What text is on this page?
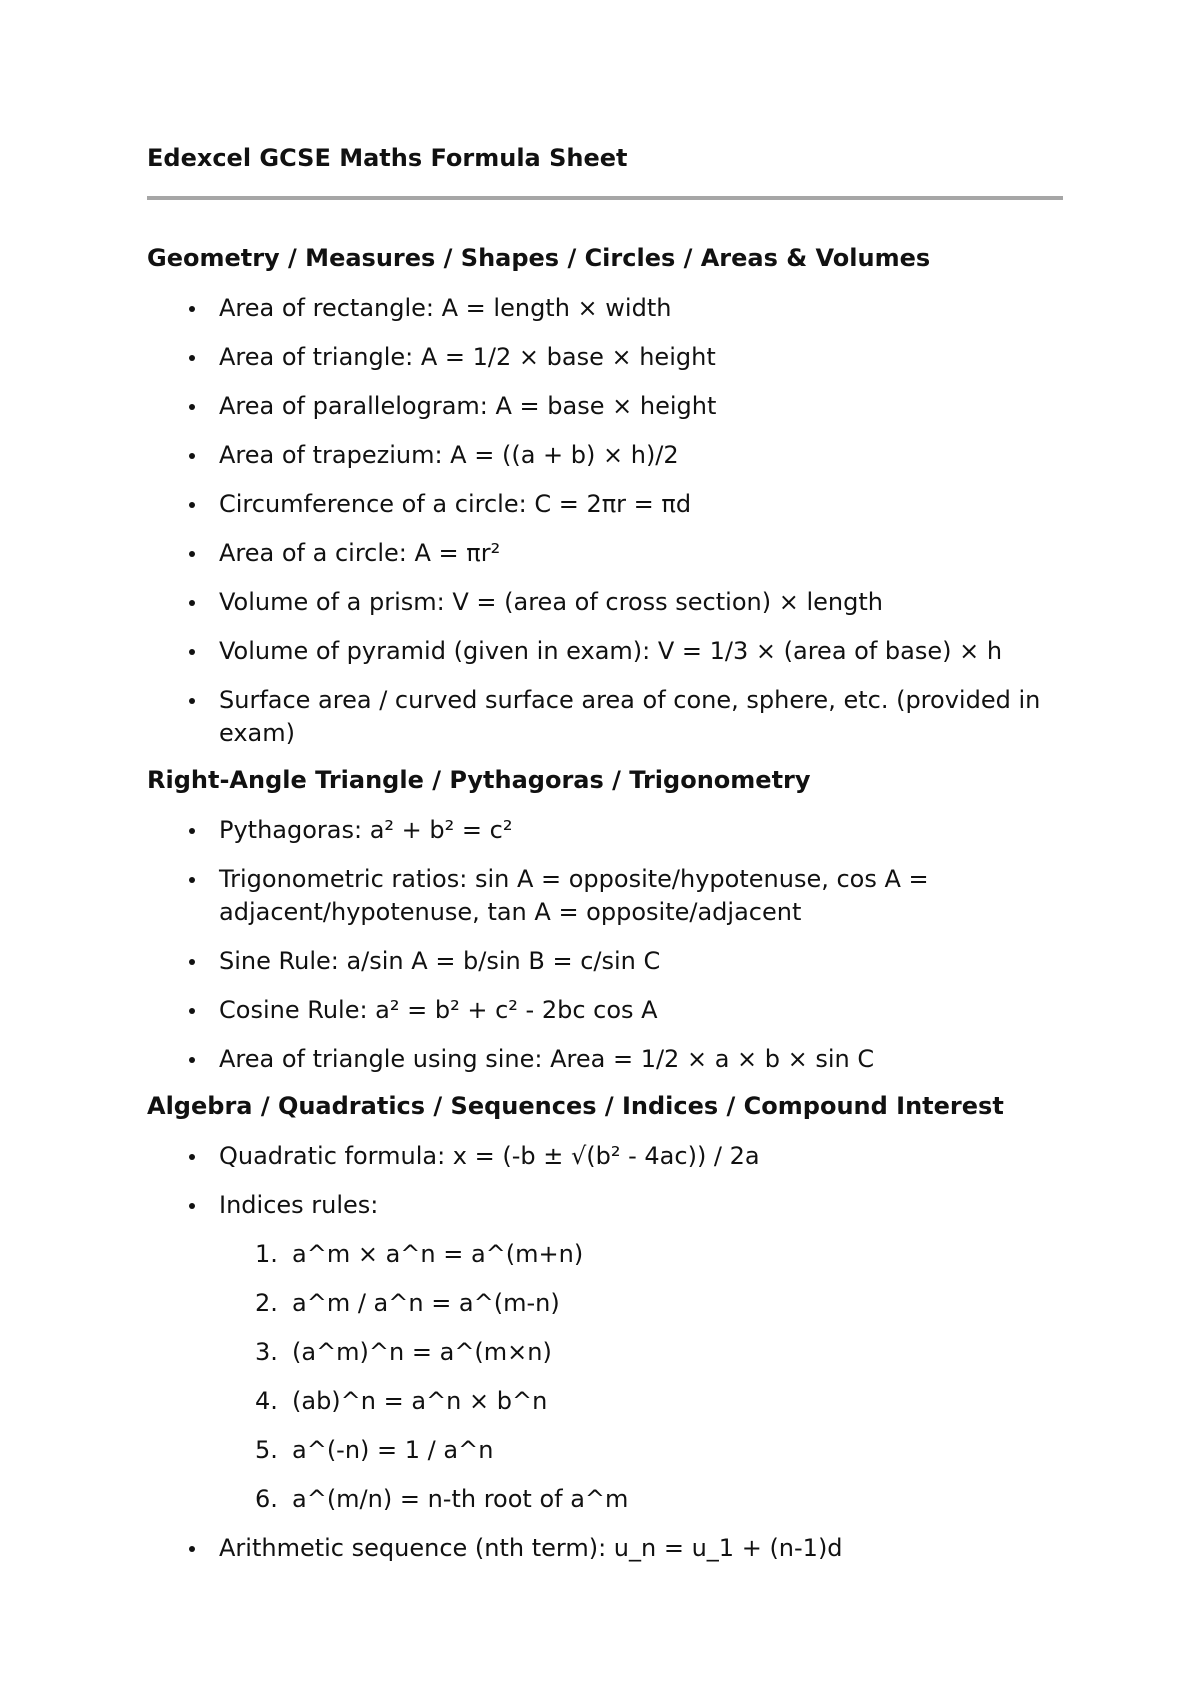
Edexcel GCSE Maths Formula Sheet
Geometry / Measures / Shapes / Circles / Areas & Volumes
Area of rectangle: A = length × width
Area of triangle: A = 1/2 × base × height
Area of parallelogram: A = base × height
Area of trapezium: A = ((a + b) × h)/2
Circumference of a circle: C = 2πr = πd
Area of a circle: A = πr²
Volume of a prism: V = (area of cross section) × length
Volume of pyramid (given in exam): V = 1/3 × (area of base) × h
Surface area / curved surface area of cone, sphere, etc. (provided in exam)
Right-Angle Triangle / Pythagoras / Trigonometry
Pythagoras: a² + b² = c²
Trigonometric ratios: sin A = opposite/hypotenuse, cos A = adjacent/hypotenuse, tan A = opposite/adjacent
Sine Rule: a/sin A = b/sin B = c/sin C
Cosine Rule: a² = b² + c² - 2bc cos A
Area of triangle using sine: Area = 1/2 × a × b × sin C
Algebra / Quadratics / Sequences / Indices / Compound Interest
Quadratic formula: x = (-b ± √(b² - 4ac)) / 2a
Indices rules:
1. a^m × a^n = a^(m+n)
2. a^m / a^n = a^(m-n)
3. (a^m)^n = a^(m×n)
4. (ab)^n = a^n × b^n
5. a^(-n) = 1 / a^n
6. a^(m/n) = n-th root of a^m
Arithmetic sequence (nth term): u_n = u_1 + (n-1)d
